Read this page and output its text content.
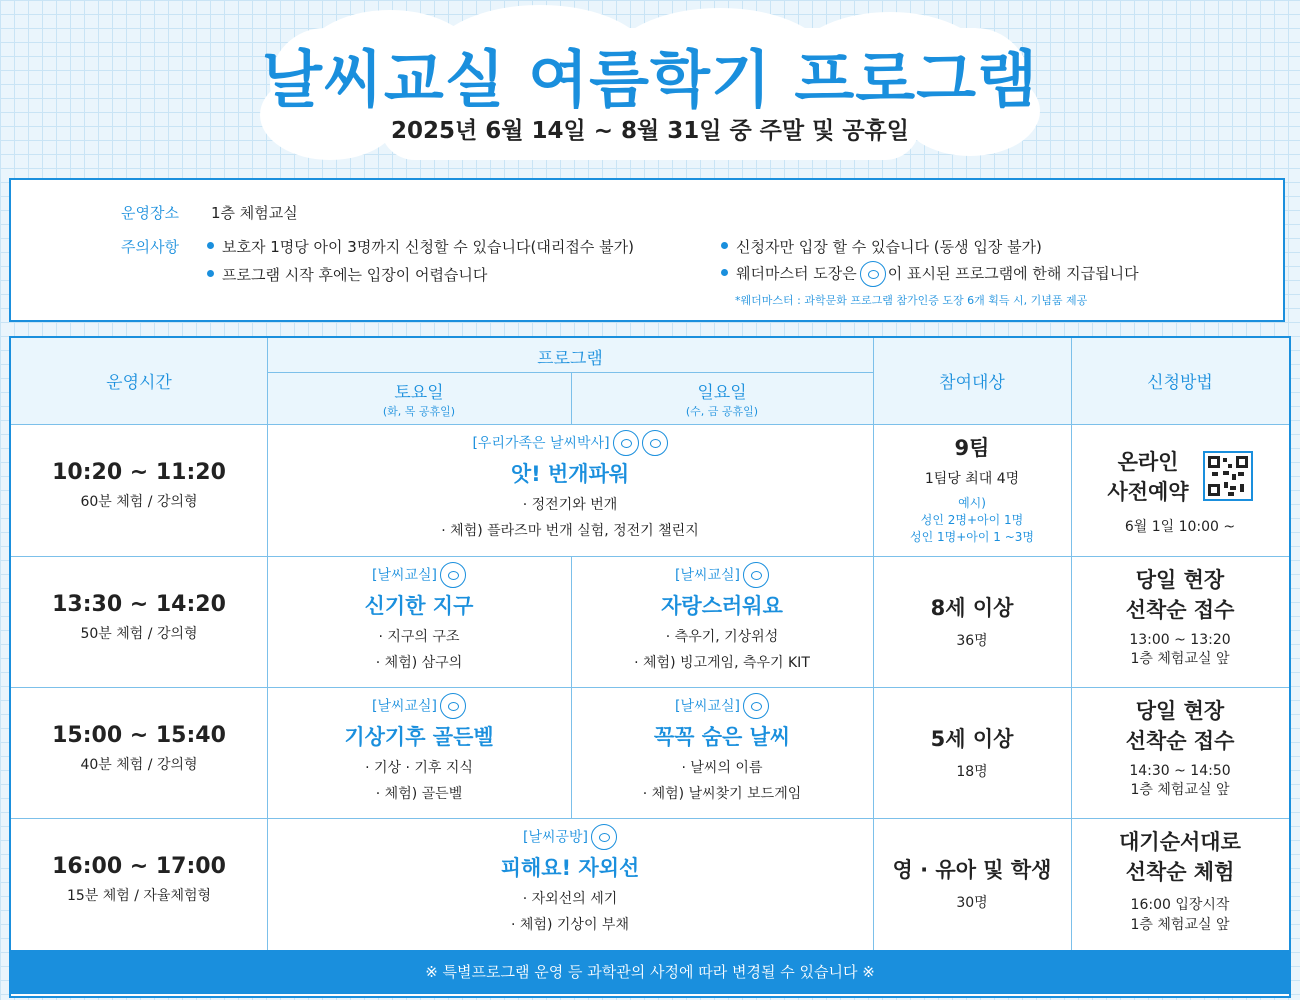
날씨교실 여름학기 프로그램
2025년 6월 14일 ~ 8월 31일 중 주말 및 공휴일
운영장소 1층 체험교실
주의사항	보호자 1명당 아이 3명까지 신청할 수 있습니다(대리접수 불가)
프로그램 시작 후에는 입장이 어렵습니다
신청자만 입장 할 수 있습니다 (동생 입장 불가)
웨더마스터 도장은 이 표시된 프로그램에 한해 지급됩니다
*웨더마스터 : 과학문화 프로그램 참가인증 도장 6개 획득 시, 기념품 제공
운영시간
프로그램
토요일
(화, 목 공휴일)
일요일
(수, 금 공휴일)
참여대상	신청방법
10:20 ~ 11:20
60분 체험 / 강의형
[우리가족은 날씨박사]
앗! 번개파워
· 정전기와 번개
· 체험) 플라즈마 번개 실험, 정전기 챌린지
9팀
1팀당 최대 4명
예시)
성인 2명+아이 1명
성인 1명+아이 1 ~3명
온라인
사전예약
6월 1일 10:00 ~
13:30 ~ 14:20
50분 체험 / 강의형
[날씨교실]
신기한 지구
· 지구의 구조
· 체험) 삼구의
[날씨교실]
자랑스러워요
· 측우기, 기상위성
· 체험) 빙고게임, 측우기 KIT
8세 이상
36명
당일 현장
선착순 접수
13:00 ~ 13:20
1층 체험교실 앞
15:00 ~ 15:40
40분 체험 / 강의형
[날씨교실]
기상기후 골든벨
· 기상 · 기후 지식
· 체험) 골든벨
[날씨교실]
꼭꼭 숨은 날씨
· 날씨의 이름
· 체험) 날씨찾기 보드게임
5세 이상
18명
당일 현장
선착순 접수
14:30 ~ 14:50
1층 체험교실 앞
16:00 ~ 17:00
15분 체험 / 자율체험형
[날씨공방]
피해요! 자외선
· 자외선의 세기
· 체험) 기상이 부채
영 · 유아 및 학생
30명
대기순서대로
선착순 체험
16:00 입장시작
1층 체험교실 앞
※ 특별프로그램 운영 등 과학관의 사정에 따라 변경될 수 있습니다 ※
